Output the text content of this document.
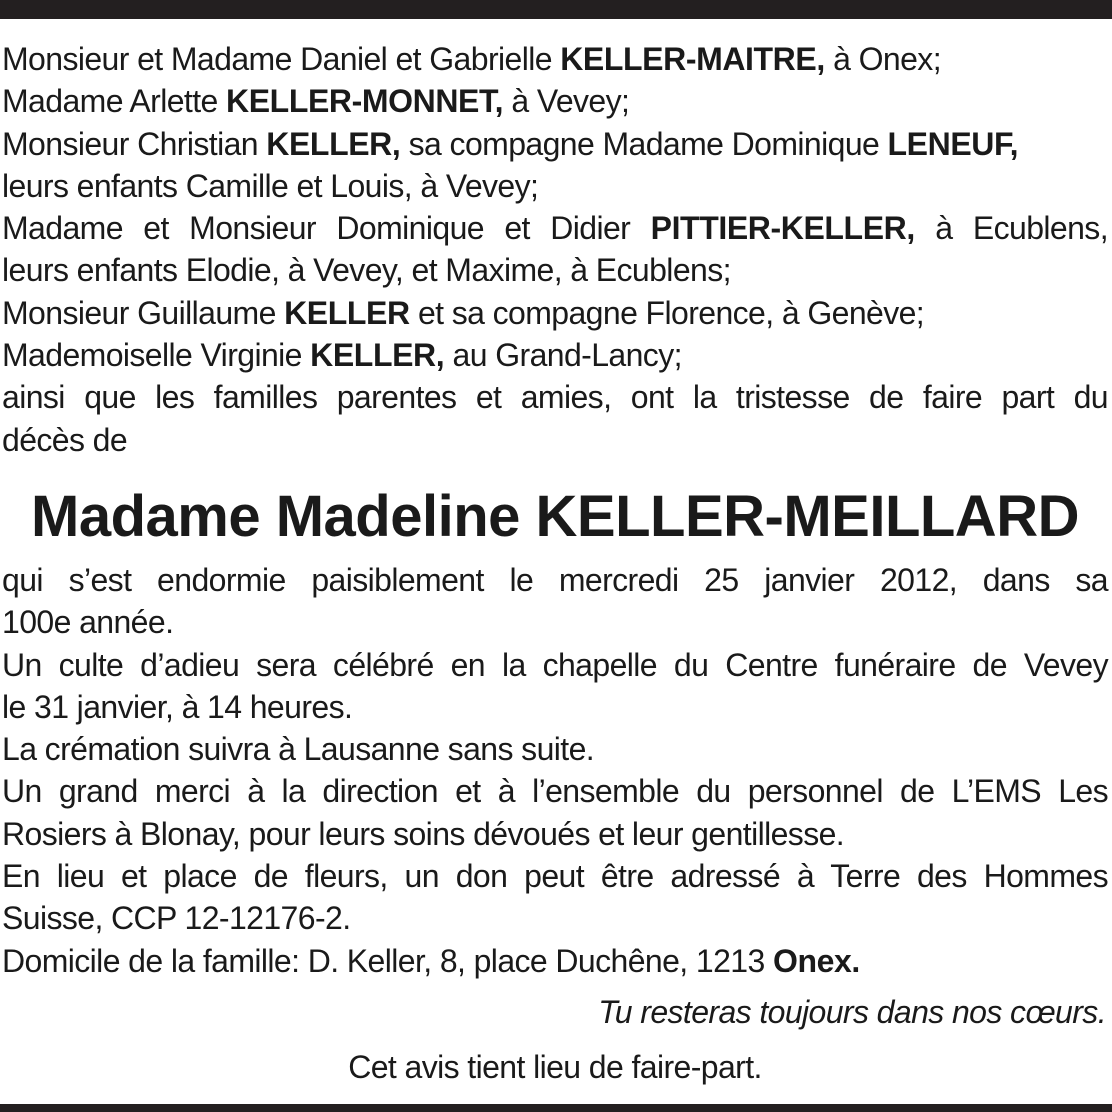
Monsieur et Madame Daniel et Gabrielle KELLER-MAITRE, à Onex;
Madame Arlette KELLER-MONNET, à Vevey;
Monsieur Christian KELLER, sa compagne Madame Dominique LENEUF,
leurs enfants Camille et Louis, à Vevey;
Madame et Monsieur Dominique et Didier PITTIER-KELLER, à Ecublens,
leurs enfants Elodie, à Vevey, et Maxime, à Ecublens;
Monsieur Guillaume KELLER et sa compagne Florence, à Genève;
Mademoiselle Virginie KELLER, au Grand-Lancy;
ainsi que les familles parentes et amies, ont la tristesse de faire part du
décès de
Madame Madeline KELLER-MEILLARD
qui s’est endormie paisiblement le mercredi 25 janvier 2012, dans sa
100e année.
Un culte d’adieu sera célébré en la chapelle du Centre funéraire de Vevey
le 31 janvier, à 14 heures.
La crémation suivra à Lausanne sans suite.
Un grand merci à la direction et à l’ensemble du personnel de L’EMS Les
Rosiers à Blonay, pour leurs soins dévoués et leur gentillesse.
En lieu et place de fleurs, un don peut être adressé à Terre des Hommes
Suisse, CCP 12-12176-2.
Domicile de la famille: D. Keller, 8, place Duchêne, 1213 Onex.
Tu resteras toujours dans nos cœurs.
Cet avis tient lieu de faire-part.
